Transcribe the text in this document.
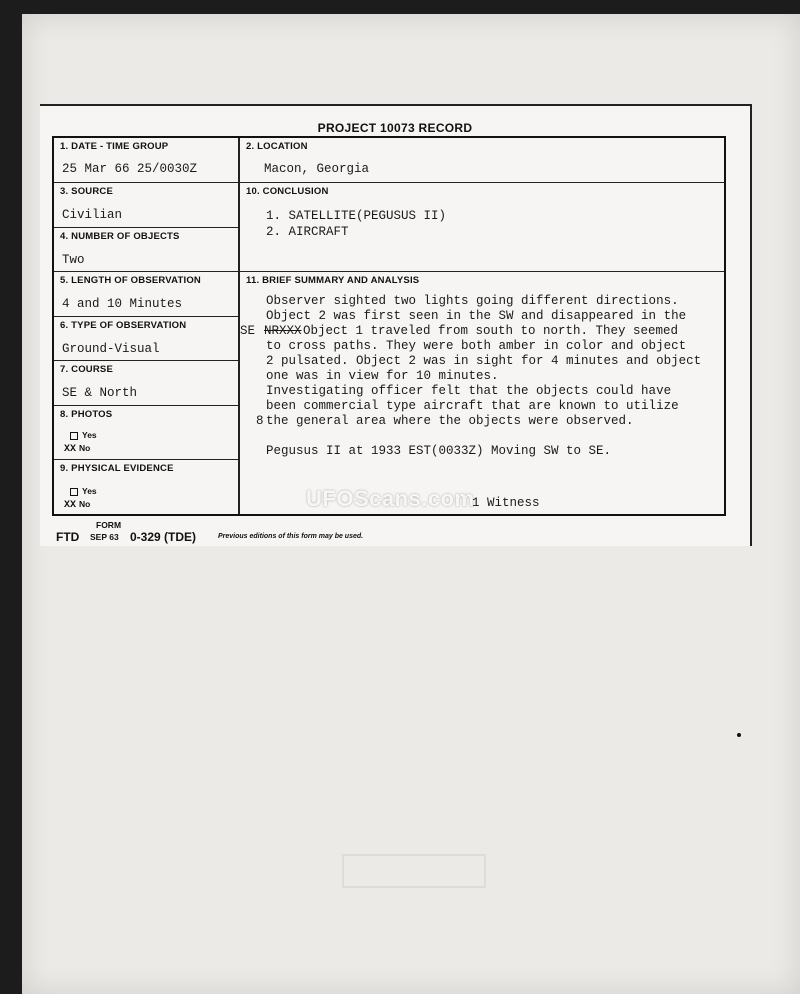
PROJECT 10073 RECORD
1. DATE - TIME GROUP
25 Mar 66 25/0030Z
2. LOCATION
Macon, Georgia
3. SOURCE
Civilian
4. NUMBER OF OBJECTS
Two
5. LENGTH OF OBSERVATION
4 and 10 Minutes
6. TYPE OF OBSERVATION
Ground-Visual
7. COURSE
SE & North
8. PHOTOS
Yes
XX No
9. PHYSICAL EVIDENCE
Yes
XX No
10. CONCLUSION
1. SATELLITE(PEGUSUS II)
2. AIRCRAFT
11. BRIEF SUMMARY AND ANALYSIS
Observer sighted two lights going different directions.
Object 2 was first seen in the SW and disappeared in the
SE NRXXX Object 1 traveled from south to north. They seemed
to cross paths. They were both amber in color and object
2 pulsated. Object 2 was in sight for 4 minutes and object
one was in view for 10 minutes.
Investigating officer felt that the objects could have
been commercial type aircraft that are known to utilize
8 the general area where the objects were observed.
Pegusus II at 1933 EST(0033Z) Moving SW to SE.
1 Witness
FORM
FTD SEP 63 0-329 (TDE)	Previous editions of this form may be used.
UFOScans.com
